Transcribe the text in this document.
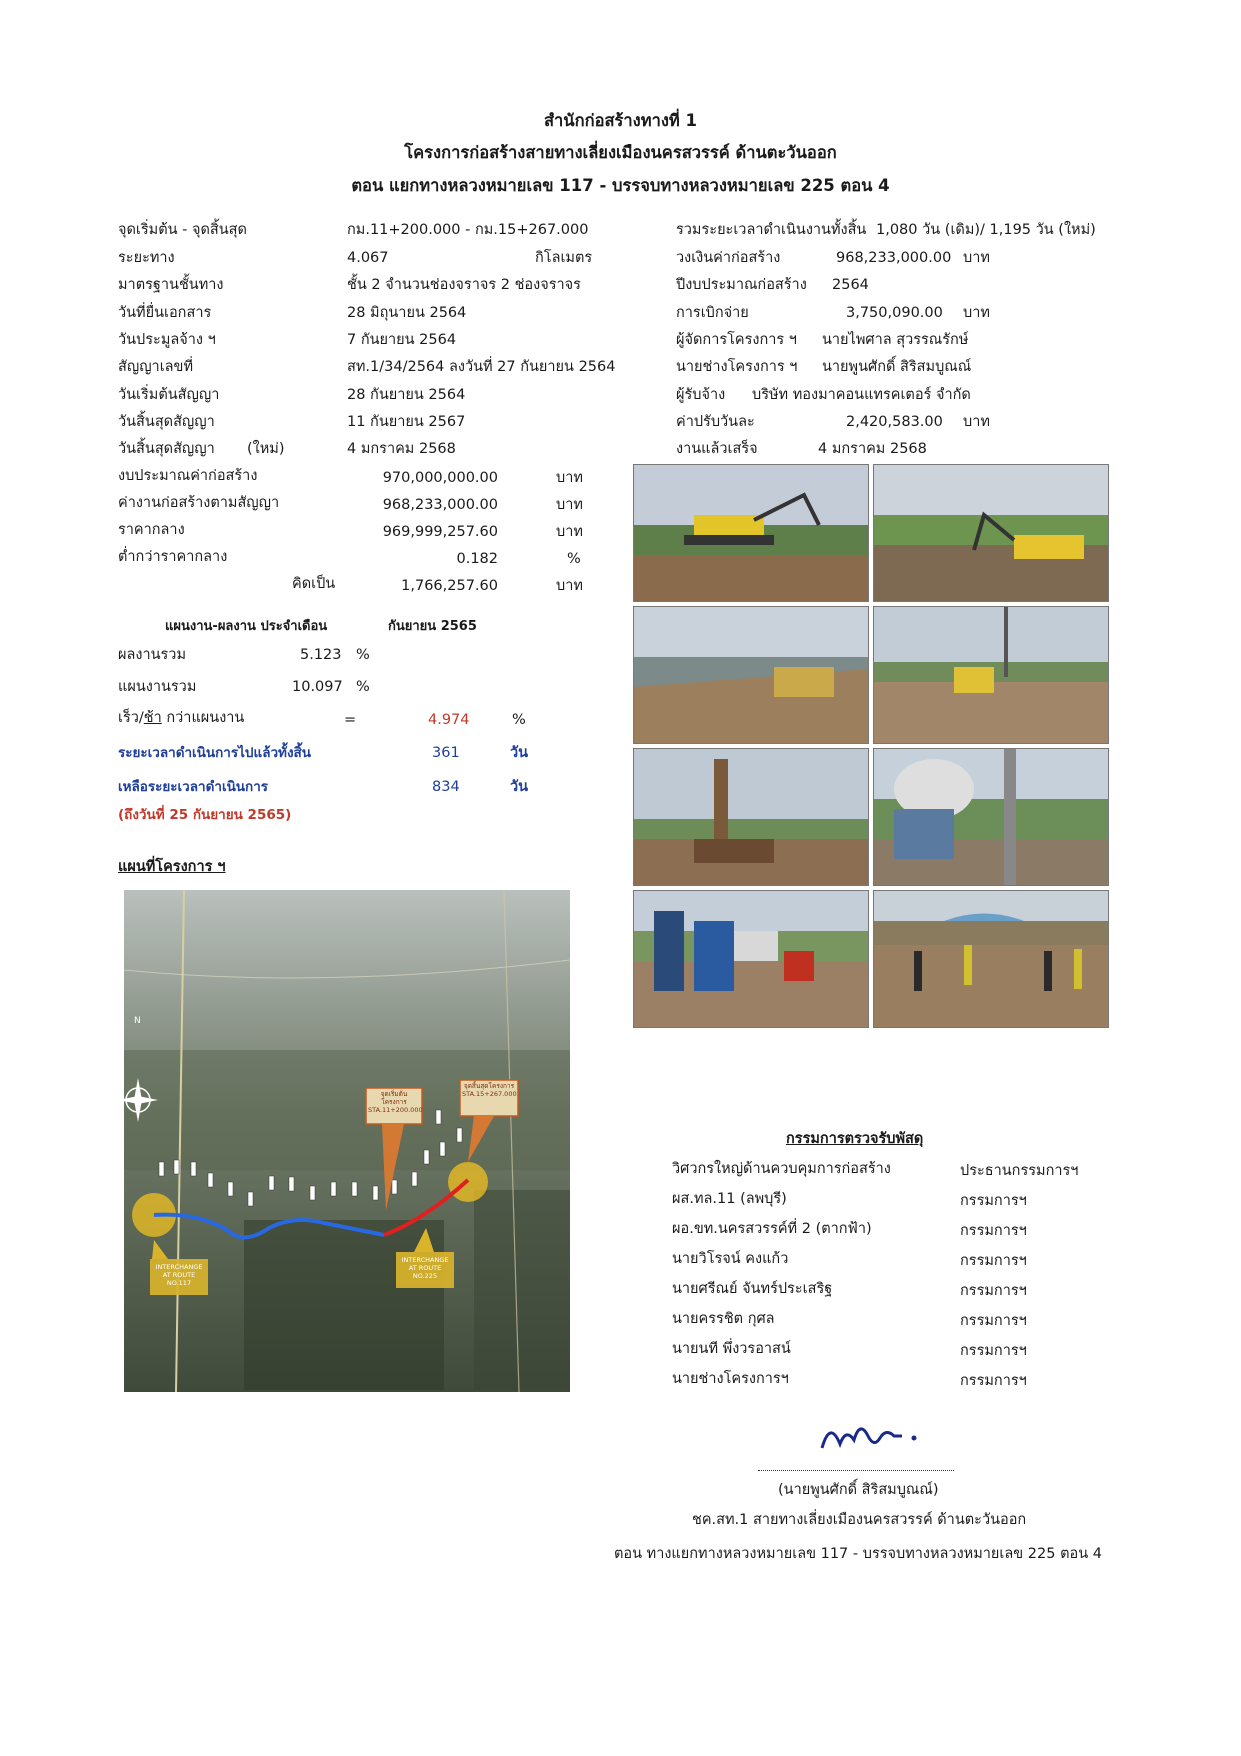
สำนักก่อสร้างทางที่ 1
โครงการก่อสร้างสายทางเลี่ยงเมืองนครสวรรค์ ด้านตะวันออก
ตอน แยกทางหลวงหมายเลข 117 - บรรจบทางหลวงหมายเลข 225 ตอน 4
จุดเริ่มต้น - จุดสิ้นสุด	กม.11+200.000 - กม.15+267.000
ระยะทาง	4.067	กิโลเมตร
มาตรฐานชั้นทาง	ชั้น 2 จำนวนช่องจราจร 2 ช่องจราจร
วันที่ยื่นเอกสาร	28 มิถุนายน 2564
วันประมูลจ้าง ฯ	7 กันยายน 2564
สัญญาเลขที่	สท.1/34/2564 ลงวันที่ 27 กันยายน 2564
วันเริ่มต้นสัญญา	28 กันยายน 2564
วันสิ้นสุดสัญญา	11 กันยายน 2567
วันสิ้นสุดสัญญา (ใหม่)	4 มกราคม 2568
งบประมาณค่าก่อสร้าง	970,000,000.00	บาท
ค่างานก่อสร้างตามสัญญา	968,233,000.00	บาท
ราคากลาง	969,999,257.60	บาท
ต่ำกว่าราคากลาง	0.182	%
คิดเป็น	1,766,257.60	บาท
รวมระยะเวลาดำเนินงานทั้งสิ้น 1,080 วัน (เดิม)/ 1,195 วัน (ใหม่)
วงเงินค่าก่อสร้าง	968,233,000.00 บาท
ปีงบประมาณก่อสร้าง 2564
การเบิกจ่าย	3,750,090.00 บาท
ผู้จัดการโครงการ ฯ นายไพศาล สุวรรณรักษ์
นายช่างโครงการ ฯ นายพูนศักดิ์ สิริสมบูณณ์
ผู้รับจ้าง บริษัท ทองมาคอนแทรคเตอร์ จำกัด
ค่าปรับวันละ	2,420,583.00 บาท
งานแล้วเสร็จ	4 มกราคม 2568
แผนงาน-ผลงาน ประจำเดือน	กันยายน 2565
ผลงานรวม	5.123 %
แผนงานรวม	10.097 %
เร็ว/ช้า กว่าแผนงาน	=	4.974	%
ระยะเวลาดำเนินการไปแล้วทั้งสิ้น	361	วัน
เหลือระยะเวลาดำเนินการ	834	วัน
(ถึงวันที่ 25 กันยายน 2565)
แผนที่โครงการ ฯ
N
จุดเริ่มต้นโครงการ STA.11+200.000
จุดสิ้นสุดโครงการ STA.15+267.000
INTERCHANGE AT ROUTE NO.117
INTERCHANGE AT ROUTE NO.225
กรรมการตรวจรับพัสดุ
วิศวกรใหญ่ด้านควบคุมการก่อสร้าง	ประธานกรรมการฯ
ผส.ทล.11 (ลพบุรี)	กรรมการฯ
ผอ.ขท.นครสวรรค์ที่ 2 (ตากฟ้า)	กรรมการฯ
นายวิโรจน์ คงแก้ว	กรรมการฯ
นายศรีณย์ จันทร์ประเสริฐ	กรรมการฯ
นายครรชิต กุศล	กรรมการฯ
นายนที พึ่งวรอาสน์	กรรมการฯ
นายช่างโครงการฯ	กรรมการฯ
(นายพูนศักดิ์ สิริสมบูณณ์)
ชค.สท.1 สายทางเลี่ยงเมืองนครสวรรค์ ด้านตะวันออก
ตอน ทางแยกทางหลวงหมายเลข 117 - บรรจบทางหลวงหมายเลข 225 ตอน 4
